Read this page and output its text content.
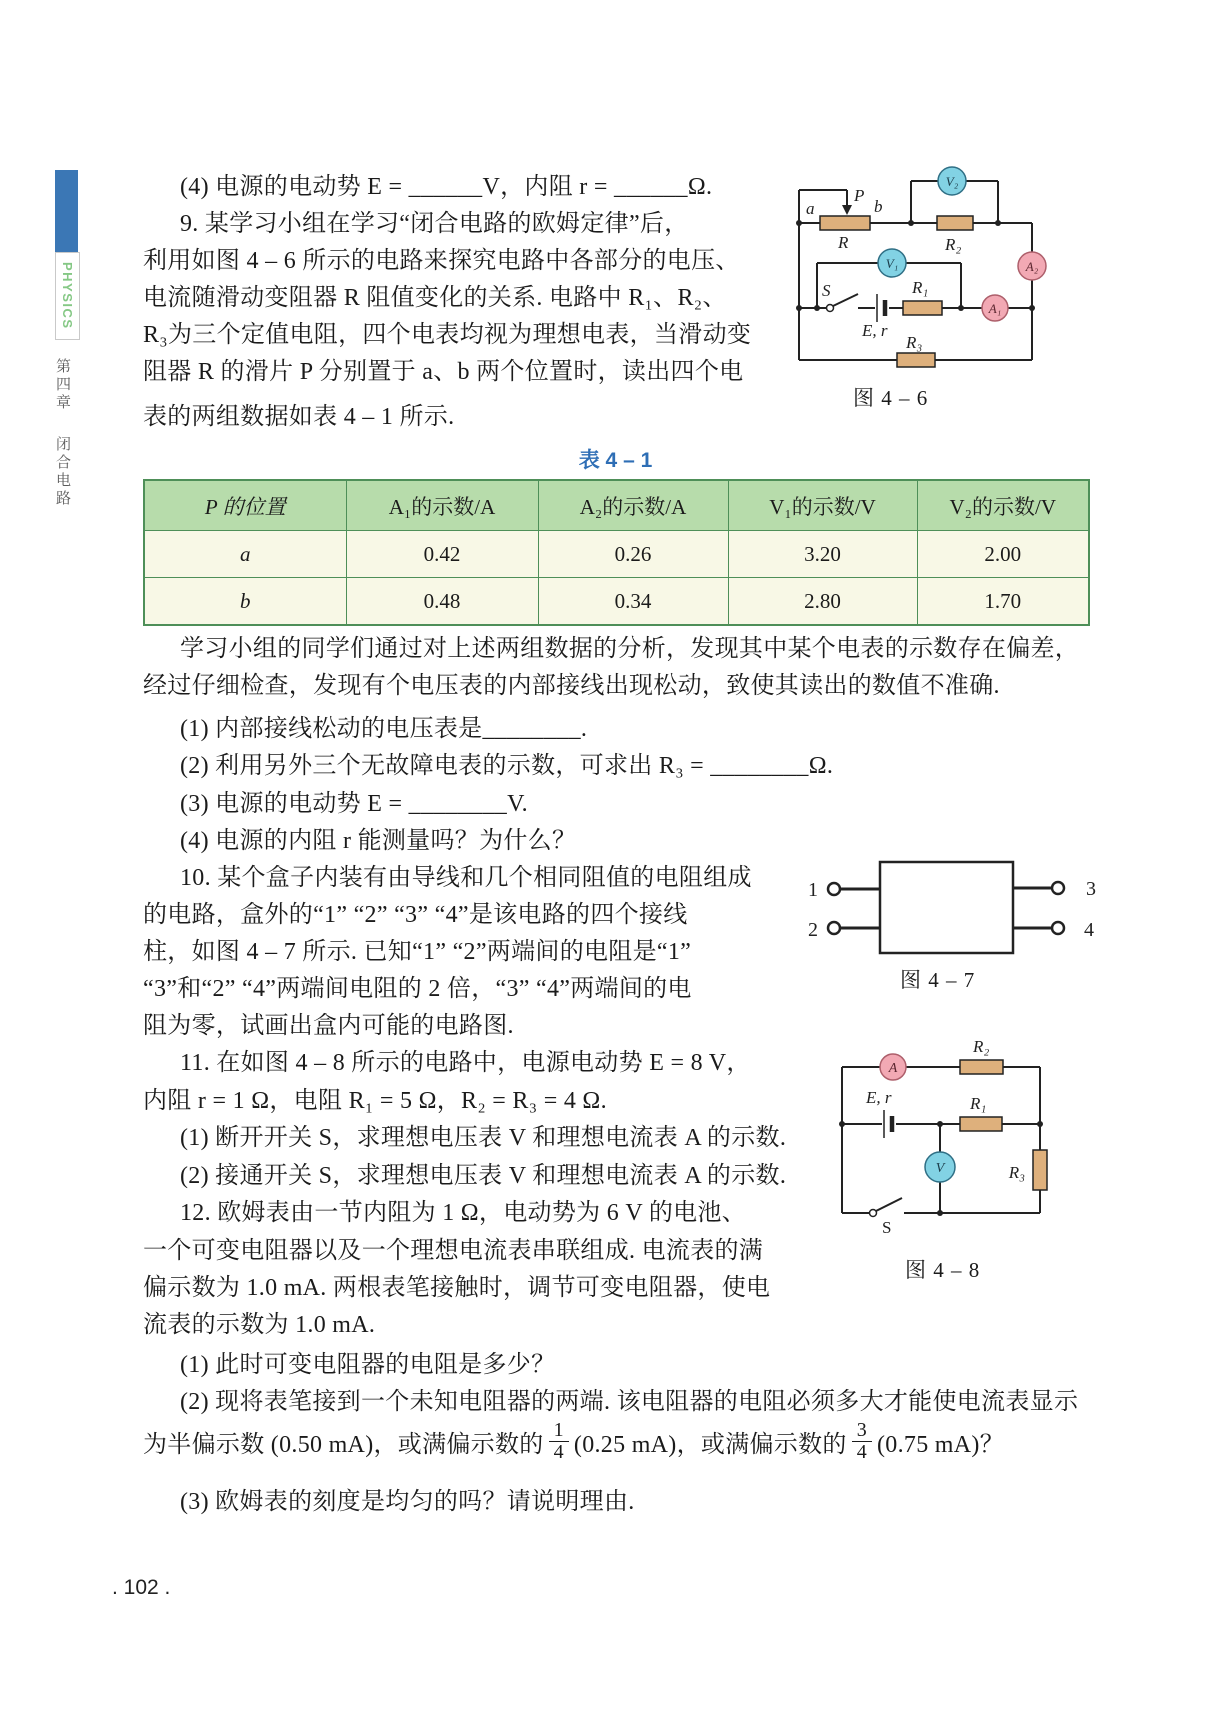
PHYSICS
第四章
闭合电路
(4) 电源的电动势 E = ______V，内阻 r = ______Ω.
9. 某学习小组在学习“闭合电路的欧姆定律”后，
利用如图 4 – 6 所示的电路来探究电路中各部分的电压、
电流随滑动变阻器 R 阻值变化的关系. 电路中 R₁、R₂、
R₃为三个定值电阻，四个电表均视为理想电表，当滑动变
阻器 R 的滑片 P 分别置于 a、b 两个位置时，读出四个电
表的两组数据如表 4 – 1 所示.
a
P
b
R	R₂
S
E, r
R₁
R₃
V₂
V₁	A₂
A₁
图 4 – 6
表 4 – 1
P 的位置	A₁的示数/A	A₂的示数/A	V₁的示数/V	V₂的示数/V
a	0.42	0.26	3.20	2.00
b	0.48	0.34	2.80	1.70
学习小组的同学们通过对上述两组数据的分析，发现其中某个电表的示数存在偏差，
经过仔细检查，发现有个电压表的内部接线出现松动，致使其读出的数值不准确.
(1) 内部接线松动的电压表是________.
(2) 利用另外三个无故障电表的示数，可求出 R₃ = ________Ω.
(3) 电源的电动势 E = ________V.
(4) 电源的内阻 r 能测量吗？为什么？
10. 某个盒子内装有由导线和几个相同阻值的电阻组成
的电路，盒外的“1” “2” “3” “4”是该电路的四个接线
柱，如图 4 – 7 所示. 已知“1” “2”两端间的电阻是“1”
“3”和“2” “4”两端间电阻的 2 倍，“3” “4”两端间的电
阻为零，试画出盒内可能的电路图.
1
2
3
4
图 4 – 7
11. 在如图 4 – 8 所示的电路中，电源电动势 E = 8 V，
内阻 r = 1 Ω，电阻 R₁ = 5 Ω，R₂ = R₃ = 4 Ω.
(1) 断开开关 S，求理想电压表 V 和理想电流表 A 的示数.
(2) 接通开关 S，求理想电压表 V 和理想电流表 A 的示数.
R₂
E, r	R₁
R₃
S
A
V
图 4 – 8
12. 欧姆表由一节内阻为 1 Ω，电动势为 6 V 的电池、
一个可变电阻器以及一个理想电流表串联组成. 电流表的满
偏示数为 1.0 mA. 两根表笔接触时，调节可变电阻器，使电
流表的示数为 1.0 mA.
(1) 此时可变电阻器的电阻是多少？
(2) 现将表笔接到一个未知电阻器的两端. 该电阻器的电阻必须多大才能使电流表显示
为半偏示数 (0.50 mA)，或满偏示数的 $\frac{1}{4} (0.25$ mA)，或满偏示数的 $\frac{3}{4} (0.75$ mA)？
(3) 欧姆表的刻度是均匀的吗？请说明理由.
. 102 .
